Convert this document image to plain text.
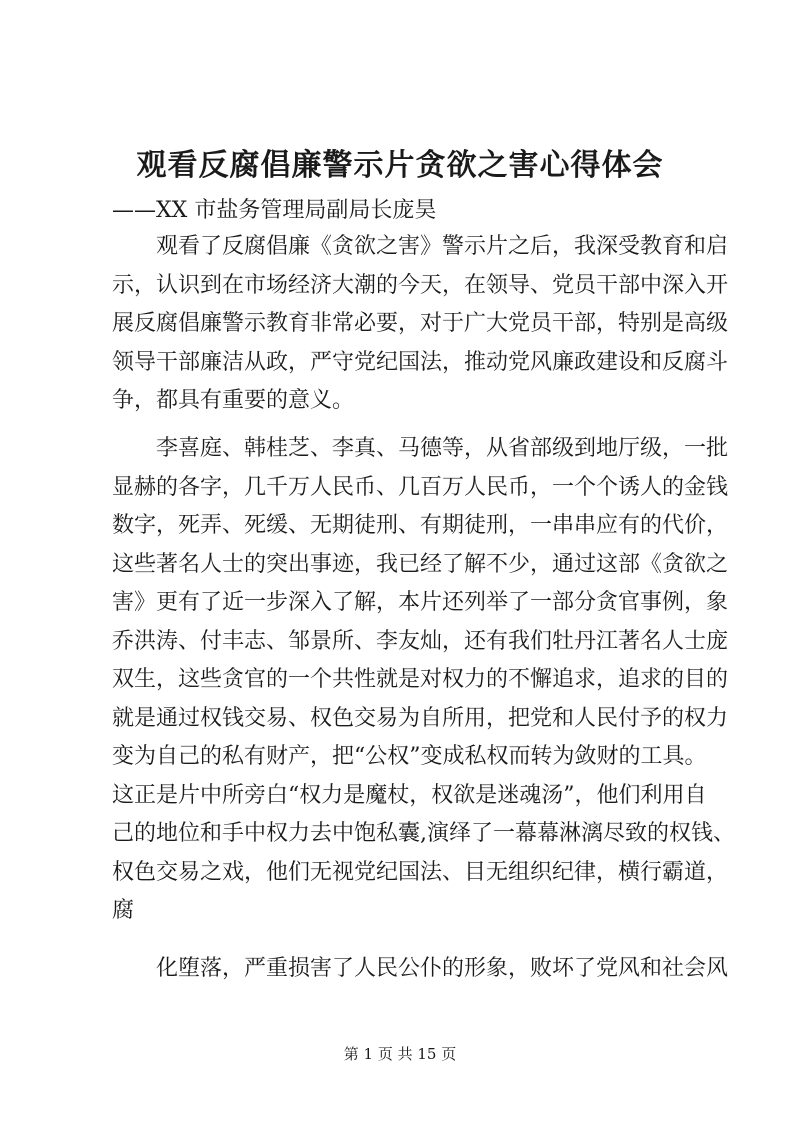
观看反腐倡廉警示片贪欲之害心得体会
——XX 市盐务管理局副局长庞昊
观看了反腐倡廉《贪欲之害》警示片之后，我深受教育和启
示，认识到在市场经济大潮的今天，在领导、党员干部中深入开
展反腐倡廉警示教育非常必要，对于广大党员干部，特别是高级
领导干部廉洁从政，严守党纪国法，推动党风廉政建设和反腐斗
争，都具有重要的意义。
李喜庭、韩桂芝、李真、马德等，从省部级到地厅级，一批
显赫的各字，几千万人民币、几百万人民币，一个个诱人的金钱
数字，死弄、死缓、无期徒刑、有期徒刑，一串串应有的代价，
这些著名人士的突出事迹，我已经了解不少，通过这部《贪欲之
害》更有了近一步深入了解，本片还列举了一部分贪官事例，象
乔洪涛、付丰志、邹景所、李友灿，还有我们牡丹江著名人士庞
双生，这些贪官的一个共性就是对权力的不懈追求，追求的目的
就是通过权钱交易、权色交易为自所用，把党和人民付予的权力
变为自己的私有财产，把“公权”变成私权而转为敛财的工具。
这正是片中所旁白“权力是魔杖，权欲是迷魂汤”，他们利用自
己的地位和手中权力去中饱私囊,演绎了一幕幕淋漓尽致的权钱、
权色交易之戏，他们无视党纪国法、目无组织纪律，横行霸道，
腐
化堕落，严重损害了人民公仆的形象，败坏了党风和社会风
第 1 页 共 15 页
